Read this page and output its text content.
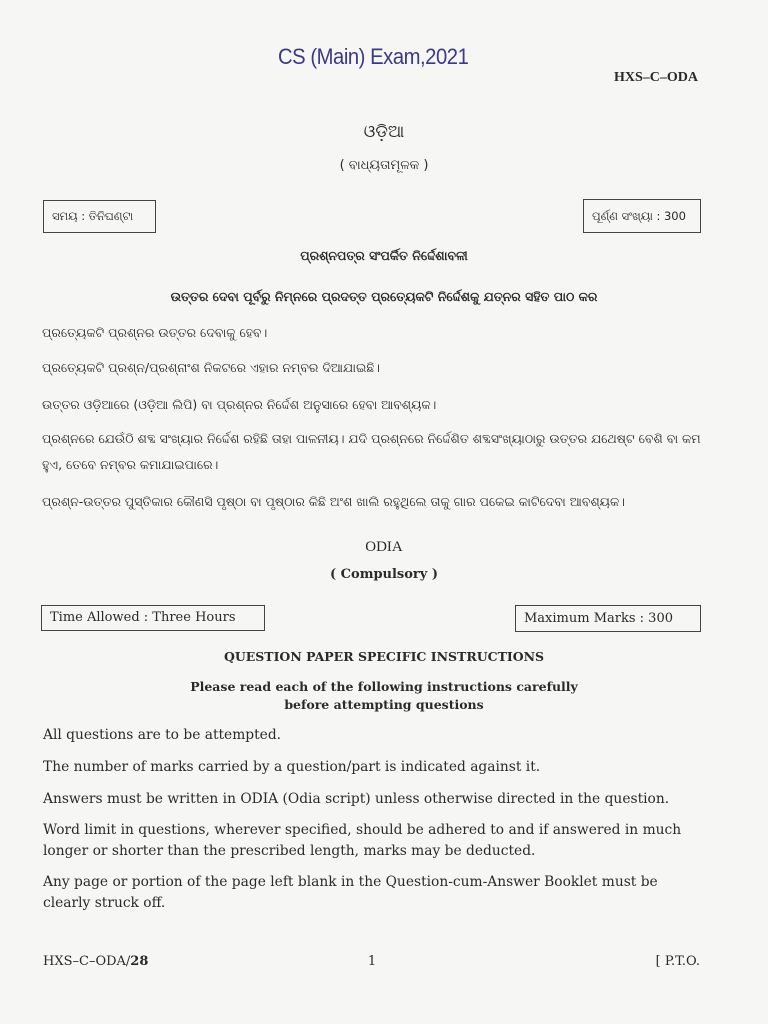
CS (Main) Exam,2021
HXS–C–ODA
ଓଡ଼ିଆ
( ବାଧ୍ୟତାମୂଳକ )
ସମୟ : ତିନିଘଣ୍ଟା	ପୂର୍ଣ୍ଣ ସଂଖ୍ୟା : 300
ପ୍ରଶ୍ନପତ୍ର ସଂପର୍କିତ ନିର୍ଦ୍ଦେଶାବଳୀ
ଉତ୍ତର ଦେବା ପୂର୍ବରୁ ନିମ୍ନରେ ପ୍ରଦତ୍ତ ପ୍ରତ୍ୟେକଟି ନିର୍ଦ୍ଦେଶକୁ ଯତ୍ନର ସହିତ ପାଠ କର
ପ୍ରତ୍ୟେକଟି ପ୍ରଶ୍ନର ଉତ୍ତର ଦେବାକୁ ହେବ।
ପ୍ରତ୍ୟେକଟି ପ୍ରଶ୍ନ/ପ୍ରଶ୍ନାଂଶ ନିକଟରେ ଏହାର ନମ୍ବର ଦିଆଯାଇଛି।
ଉତ୍ତର ଓଡ଼ିଆରେ (ଓଡ଼ିଆ ଲିପି) ବା ପ୍ରଶ୍ନର ନିର୍ଦ୍ଦେଶ ଅନୁସାରେ ହେବା ଆବଶ୍ୟକ।
ପ୍ରଶ୍ନରେ ଯେଉଁଠି ଶବ୍ଦ ସଂଖ୍ୟାର ନିର୍ଦ୍ଦେଶ ରହିଛି ତାହା ପାଳନୀୟ। ଯଦି ପ୍ରଶ୍ନରେ ନିର୍ଦ୍ଦେଶିତ ଶବ୍ଦସଂଖ୍ୟାଠାରୁ ଉତ୍ତର ଯଥେଷ୍ଟ ବେଶି ବା କମ ହୁଏ, ତେବେ ନମ୍ବର କମାଯାଇପାରେ।
ପ୍ରଶ୍ନ-ଉତ୍ତର ପୁସ୍ତିକାର କୌଣସି ପୃଷ୍ଠା ବା ପୃଷ୍ଠାର କିଛି ଅଂଶ ଖାଲି ରହୁଥିଲେ ତାକୁ ଗାର ପକେଇ କାଟିଦେବା ଆବଶ୍ୟକ।
ODIA
( Compulsory )
Time Allowed : Three Hours	Maximum Marks : 300
QUESTION PAPER SPECIFIC INSTRUCTIONS
Please read each of the following instructions carefully
before attempting questions
All questions are to be attempted.
The number of marks carried by a question/part is indicated against it.
Answers must be written in ODIA (Odia script) unless otherwise directed in the question.
Word limit in questions, wherever specified, should be adhered to and if answered in much longer or shorter than the prescribed length, marks may be deducted.
Any page or portion of the page left blank in the Question-cum-Answer Booklet must be clearly struck off.
HXS–C–ODA/28	1	[ P.T.O.
